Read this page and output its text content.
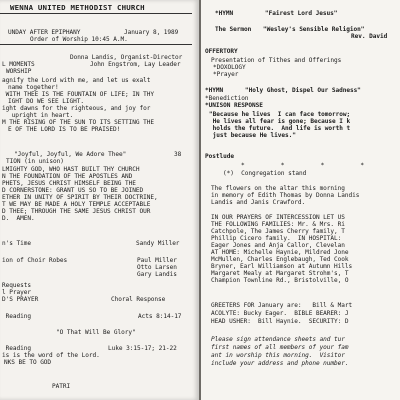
WENNA UNITED METHODIST CHURCH
UNDAY AFTER EPIPHANY	January 8, 1989
Order of Worship 10:45 A.M.
Donna Landis, Organist-Director
L MOMENTS	John Engstrom, Lay Leader
WORSHIP
agnify the Lord with me, and let us exalt
name together!
WITH THEE IS THE FOUNTAIN OF LIFE; IN THY
IGHT DO WE SEE LIGHT.
ight dawns for the righteous, and joy for
upright in heart.
M THE RISING OF THE SUN TO ITS SETTING THE
E OF THE LORD IS TO BE PRAISED!
"Joyful, Joyful, We Adore Thee"	38
TION (in unison)
LMIGHTY GOD, WHO HAST BUILT THY CHURCH
N THE FOUNDATION OF THE APOSTLES AND
PHETS, JESUS CHRIST HIMSELF BEING THE
D CORNERSTONE: GRANT US SO TO BE JOINED
ETHER IN UNITY OF SPIRIT BY THEIR DOCTRINE,
T WE MAY BE MADE A HOLY TEMPLE ACCEPTABLE
D THEE; THROUGH THE SAME JESUS CHRIST OUR
D.  AMEN.
n's Time	Sandy Miller
ion of Choir Robes	Paul Miller
Otto Larsen
Gary Landis
Requests
l Prayer
D'S PRAYER	Choral Response
Reading	Acts 8:14-17
"O That Will Be Glory"
Reading	Luke 3:15-17; 21-22
is is the word of the Lord.
NKS BE TO GOD
PATRI
*HYMN	"Fairest Lord Jesus"
The Sermon "Wesley's Sensible Religion"
Rev. David
OFFERTORY
Presentation of Tithes and Offerings
*DOXOLOGY
*Prayer
*HYMN	"Holy Ghost, Dispel Our Sadness"
*Benediction
*UNISON RESPONSE
"Because he lives  I can face tomorrow;
He lives all fear is gone; Because I k
holds the future.  And life is worth t
just because He lives."
Postlude
*          *          *          *
(*)  Congregation stand
The flowers on the altar this morning
in memory of Edith Thomas by Donna Landis
Landis and Janis Crawford.
IN OUR PRAYERS OF INTERCESSION LET US
THE FOLLOWING FAMILIES: Mr. & Mrs. Ri
Catchpole, The James Cherry family, T
Phillip Cicero family.  IN HOSPITAL:
Eager Jones and Anja Callor, Clevelan
AT HOME: Michelle Haynie, Mildred Jone
McMullen, Charles Englebaugh, Ted Cook
Bryner, Earl Williamson at Autumn Hills
Margaret Mealy at Margaret Strohm's, T
Champion Townline Rd., Bristolville, O
GREETERS FOR January are:   Bill & Mart
ACOLYTE: Bucky Eager.  BIBLE BEARER: J
HEAD USHER:  Bill Haynie.  SECURITY: D
Please sign attendance sheets and tur
first names of all members of your fam
ant in worship this morning.  Visitor
include your address and phone number.
